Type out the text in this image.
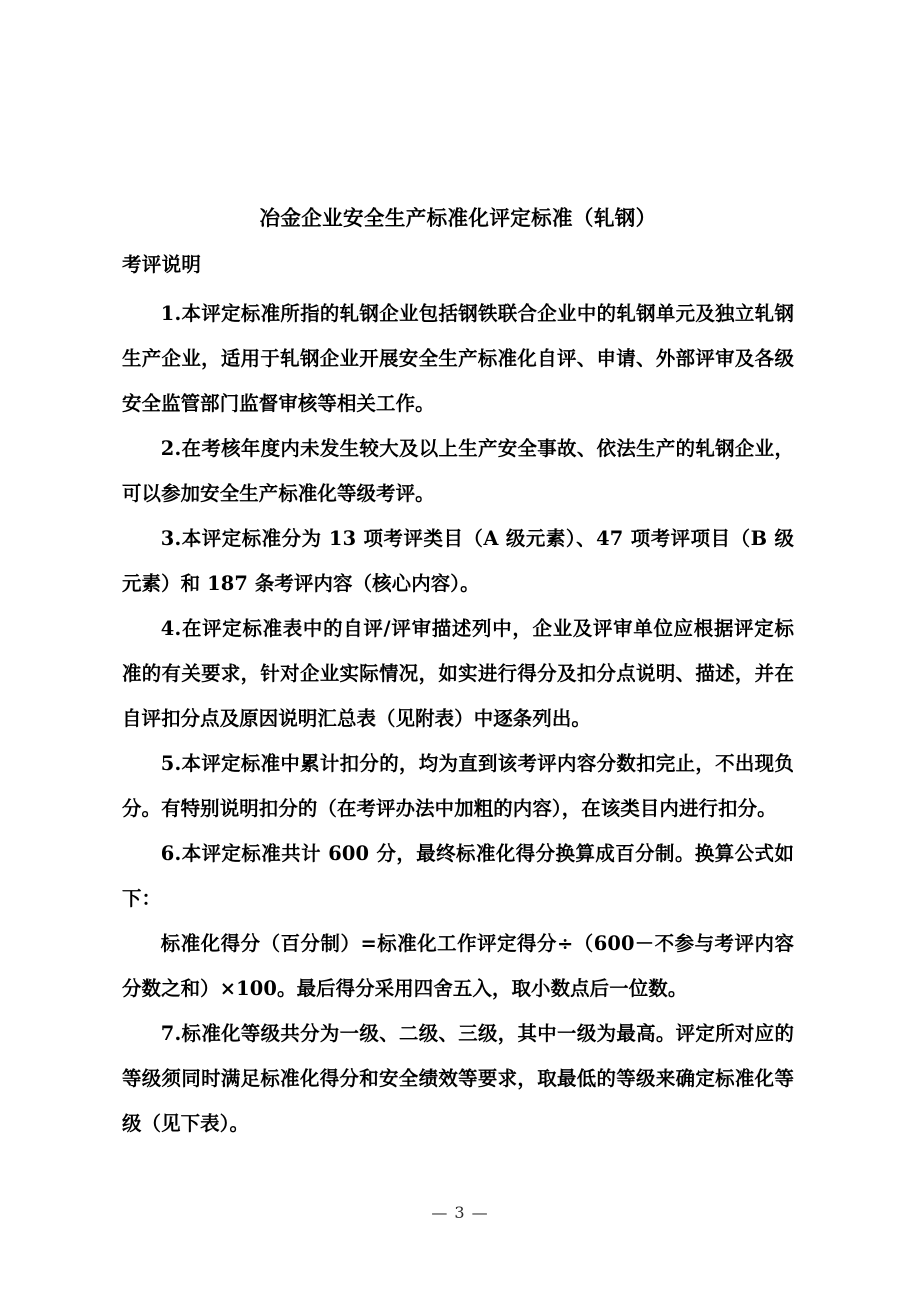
冶金企业安全生产标准化评定标准（轧钢）
考评说明

1.本评定标准所指的轧钢企业包括钢铁联合企业中的轧钢单元及独立轧钢生产企业，适用于轧钢企业开展安全生产标准化自评、申请、外部评审及各级安全监管部门监督审核等相关工作。

2.在考核年度内未发生较大及以上生产安全事故、依法生产的轧钢企业，可以参加安全生产标准化等级考评。

3.本评定标准分为 13 项考评类目（A 级元素）、47 项考评项目（B 级元素）和 187 条考评内容（核心内容）。

4.在评定标准表中的自评/评审描述列中，企业及评审单位应根据评定标准的有关要求，针对企业实际情况，如实进行得分及扣分点说明、描述，并在自评扣分点及原因说明汇总表（见附表）中逐条列出。

5.本评定标准中累计扣分的，均为直到该考评内容分数扣完止，不出现负分。有特别说明扣分的（在考评办法中加粗的内容），在该类目内进行扣分。

6.本评定标准共计 600 分，最终标准化得分换算成百分制。换算公式如下：

标准化得分（百分制）=标准化工作评定得分÷（600－不参与考评内容分数之和）×100。最后得分采用四舍五入，取小数点后一位数。

7.标准化等级共分为一级、二级、三级，其中一级为最高。评定所对应的等级须同时满足标准化得分和安全绩效等要求，取最低的等级来确定标准化等级（见下表）。

— 3 —
